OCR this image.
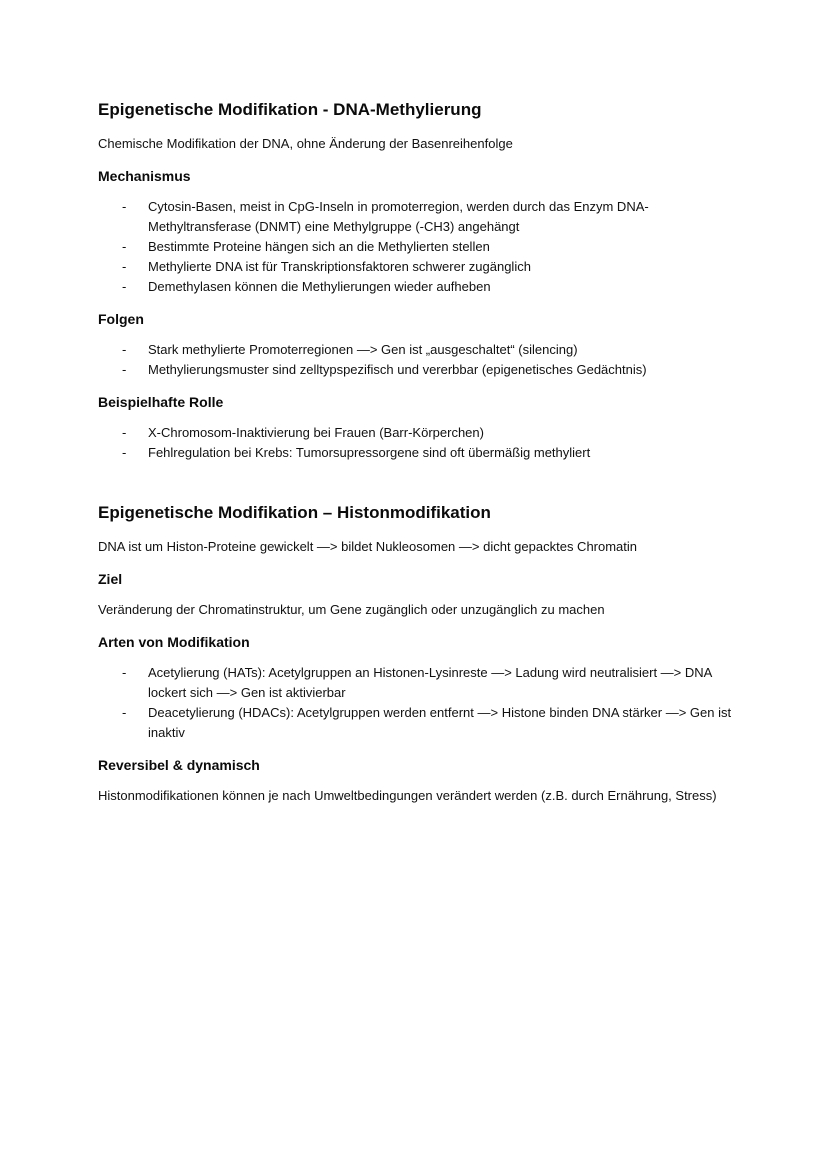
Epigenetische Modifikation - DNA-Methylierung

Chemische Modifikation der DNA, ohne Änderung der Basenreihenfolge

Mechanismus
- Cytosin-Basen, meist in CpG-Inseln in promoterregion, werden durch das Enzym DNA-Methyltransferase (DNMT) eine Methylgruppe (-CH3) angehängt
- Bestimmte Proteine hängen sich an die Methylierten stellen
- Methylierte DNA ist für Transkriptionsfaktoren schwerer zugänglich
- Demethylasen können die Methylierungen wieder aufheben
Folgen
- Stark methylierte Promoterregionen —> Gen ist „ausgeschaltet“ (silencing)
- Methylierungsmuster sind zelltypspezifisch und vererbbar (epigenetisches Gedächtnis)
Beispielhafte Rolle
- X-Chromosom-Inaktivierung bei Frauen (Barr-Körperchen)
- Fehlregulation bei Krebs: Tumorsupressorgene sind oft übermäßig methyliert
Epigenetische Modifikation – Histonmodifikation

DNA ist um Histon-Proteine gewickelt —> bildet Nukleosomen —> dicht gepacktes Chromatin

Ziel

Veränderung der Chromatinstruktur, um Gene zugänglich oder unzugänglich zu machen

Arten von Modifikation
- Acetylierung (HATs): Acetylgruppen an Histonen-Lysinreste —> Ladung wird neutralisiert —> DNA lockert sich —> Gen ist aktivierbar
- Deacetylierung (HDACs): Acetylgruppen werden entfernt —> Histone binden DNA stärker —> Gen ist inaktiv
Reversibel & dynamisch

Histonmodifikationen können je nach Umweltbedingungen verändert werden (z.B. durch Ernährung, Stress)
